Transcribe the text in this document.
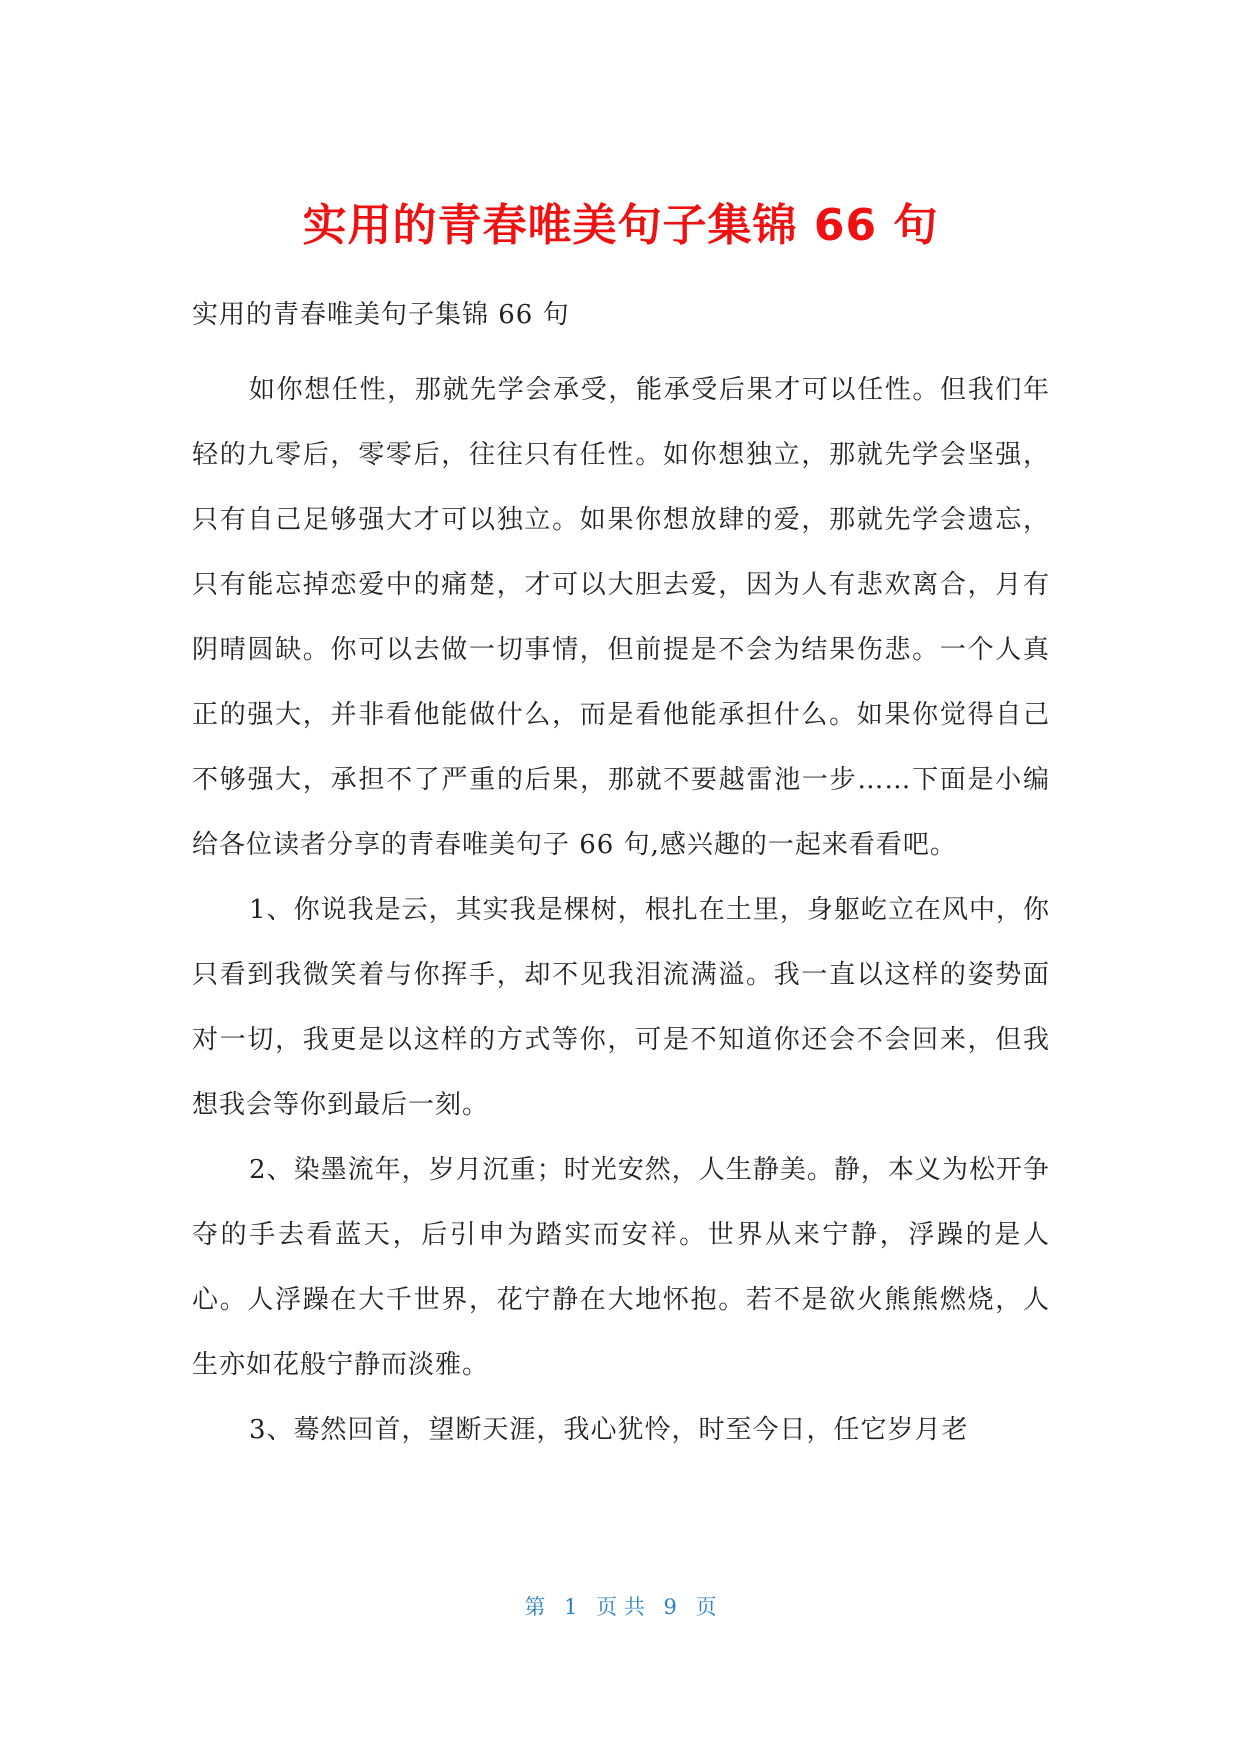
实用的青春唯美句子集锦 66 句

实用的青春唯美句子集锦 66 句

如你想任性，那就先学会承受，能承受后果才可以任性。但我们年轻的九零后，零零后，往往只有任性。如你想独立，那就先学会坚强，只有自己足够强大才可以独立。如果你想放肆的爱，那就先学会遗忘，只有能忘掉恋爱中的痛楚，才可以大胆去爱，因为人有悲欢离合，月有阴晴圆缺。你可以去做一切事情，但前提是不会为结果伤悲。一个人真正的强大，并非看他能做什么，而是看他能承担什么。如果你觉得自己不够强大，承担不了严重的后果，那就不要越雷池一步……下面是小编给各位读者分享的青春唯美句子 66 句,感兴趣的一起来看看吧。

1、你说我是云，其实我是棵树，根扎在土里，身躯屹立在风中，你只看到我微笑着与你挥手，却不见我泪流满溢。我一直以这样的姿势面对一切，我更是以这样的方式等你，可是不知道你还会不会回来，但我想我会等你到最后一刻。

2、染墨流年，岁月沉重；时光安然，人生静美。静，本义为松开争夺的手去看蓝天，后引申为踏实而安祥。世界从来宁静，浮躁的是人心。人浮躁在大千世界，花宁静在大地怀抱。若不是欲火熊熊燃烧，人生亦如花般宁静而淡雅。

3、蓦然回首，望断天涯，我心犹怜，时至今日，任它岁月老

第 1 页 共 9 页
